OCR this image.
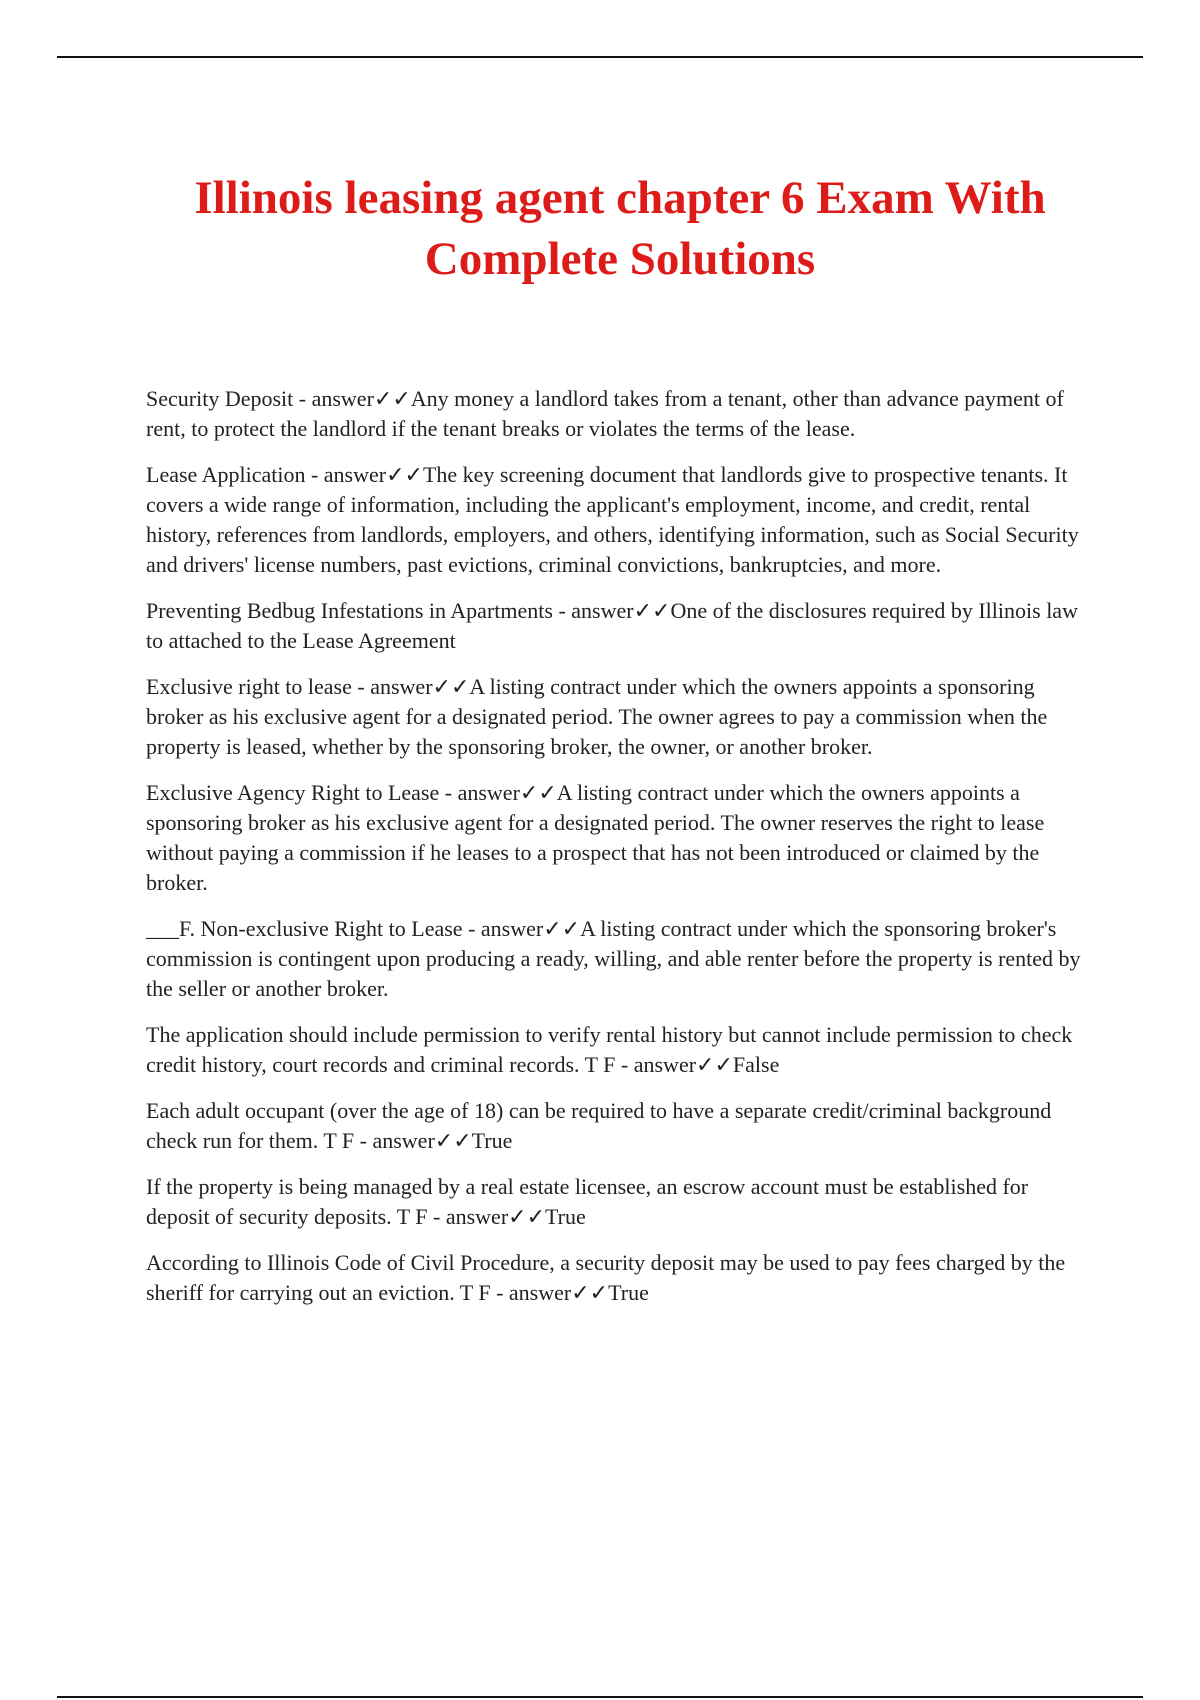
Illinois leasing agent chapter 6 Exam With Complete Solutions

Security Deposit - answer✓✓Any money a landlord takes from a tenant, other than advance payment of rent, to protect the landlord if the tenant breaks or violates the terms of the lease.

Lease Application - answer✓✓The key screening document that landlords give to prospective tenants. It covers a wide range of information, including the applicant's employment, income, and credit, rental history, references from landlords, employers, and others, identifying information, such as Social Security and drivers' license numbers, past evictions, criminal convictions, bankruptcies, and more.

Preventing Bedbug Infestations in Apartments - answer✓✓One of the disclosures required by Illinois law to attached to the Lease Agreement

Exclusive right to lease - answer✓✓A listing contract under which the owners appoints a sponsoring broker as his exclusive agent for a designated period. The owner agrees to pay a commission when the property is leased, whether by the sponsoring broker, the owner, or another broker.

Exclusive Agency Right to Lease - answer✓✓A listing contract under which the owners appoints a sponsoring broker as his exclusive agent for a designated period. The owner reserves the right to lease without paying a commission if he leases to a prospect that has not been introduced or claimed by the broker.

___F. Non-exclusive Right to Lease - answer✓✓A listing contract under which the sponsoring broker's commission is contingent upon producing a ready, willing, and able renter before the property is rented by the seller or another broker.

The application should include permission to verify rental history but cannot include permission to check credit history, court records and criminal records. T F - answer✓✓False

Each adult occupant (over the age of 18) can be required to have a separate credit/criminal background check run for them. T F - answer✓✓True

If the property is being managed by a real estate licensee, an escrow account must be established for deposit of security deposits. T F - answer✓✓True

According to Illinois Code of Civil Procedure, a security deposit may be used to pay fees charged by the sheriff for carrying out an eviction. T F - answer✓✓True
